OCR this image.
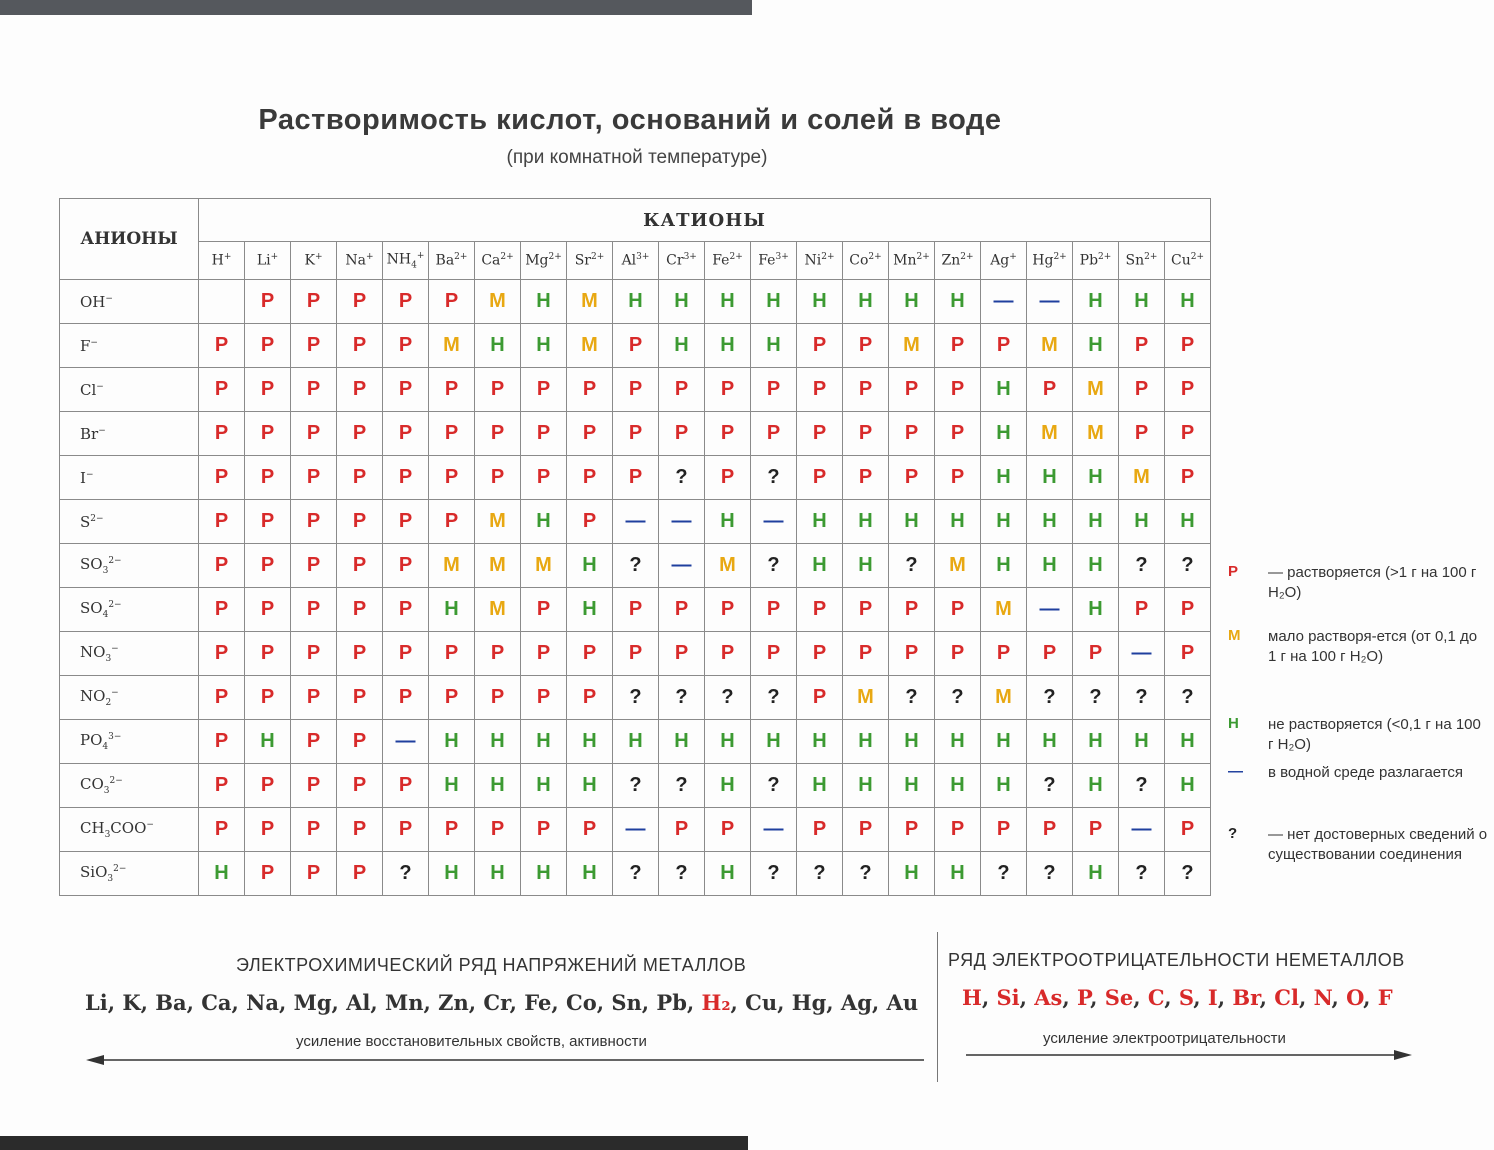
Растворимость кислот, оснований и солей в воде
(при комнатной температуре)
АНИОНЫ	КАТИОНЫ																					
	H+	Li+	K+	Na+	$NH_4^+$	$Ba^{2+}$	$Ca^{2+}$	$Mg^{2+}$	$Sr^{2+}$	$Al^{3+}$	$Cr^{3+}$	$Fe^{2+}$	$Fe^{3+}$	$Ni^{2+}$	$Co^{2+}$	$Mn^{2+}$	$Zn^{2+}$	Ag+	$Hg^{2+}$	$Pb^{2+}$	$Sn^{2+}$	$Cu^{2+}$
OH−		Р	Р	Р	Р	Р	М	Н	М	Н	Н	Н	Н	Н	Н	Н	Н	—	—	Н	Н	Н
F−	Р	Р	Р	Р	Р	М	Н	Н	М	Р	Н	Н	Н	Р	Р	М	Р	Р	М	Н	Р	Р
Cl−	Р	Р	Р	Р	Р	Р	Р	Р	Р	Р	Р	Р	Р	Р	Р	Р	Р	Н	Р	М	Р	Р
Br−	Р	Р	Р	Р	Р	Р	Р	Р	Р	Р	Р	Р	Р	Р	Р	Р	Р	Н	М	М	Р	Р
I−	Р	Р	Р	Р	Р	Р	Р	Р	Р	Р	?	Р	?	Р	Р	Р	Р	Н	Н	Н	М	Р
$S^{2-}$	Р	Р	Р	Р	Р	Р	М	Н	Р	—	—	Н	—	Н	Н	Н	Н	Н	Н	Н	Н	Н
$SO_3^{2-}$	Р	Р	Р	Р	Р	М	М	М	Н	?	—	М	?	Н	Н	?	М	Н	Н	Н	?	?
$SO_4^{2-}$	Р	Р	Р	Р	Р	Н	М	Р	Н	Р	Р	Р	Р	Р	Р	Р	Р	М	—	Н	Р	Р
$NO_3^-$	Р	Р	Р	Р	Р	Р	Р	Р	Р	Р	Р	Р	Р	Р	Р	Р	Р	Р	Р	Р	—	Р
$NO_2^-$	Р	Р	Р	Р	Р	Р	Р	Р	Р	?	?	?	?	Р	М	?	?	М	?	?	?	?
$PO_4^{3-}$	Р	Н	Р	Р	—	Н	Н	Н	Н	Н	Н	Н	Н	Н	Н	Н	Н	Н	Н	Н	Н	Н
$CO_3^{2-}$	Р	Р	Р	Р	Р	Н	Н	Н	Н	?	?	Н	?	Н	Н	Н	Н	Н	?	Н	?	Н
$CH_3COO^-$	Р	Р	Р	Р	Р	Р	Р	Р	Р	—	Р	Р	—	Р	Р	Р	Р	Р	Р	Р	—	Р
SiO$_3^{2-}$	Н	Р	Р	Р	?	Н	Н	Н	Н	?	?	Н	?	?	?	Н	Н	?	?	Н	?	?
Р — растворяется (>1 г на 100 г H₂O)
М мало растворя-ется (от 0,1 до 1 г на 100 г H₂O)
Н не растворяется (<0,1 г на 100 г H₂O)
— в водной среде разлагается
? — нет достоверных сведений о существовании соединения
ЭЛЕКТРОХИМИЧЕСКИЙ РЯД НАПРЯЖЕНИЙ МЕТАЛЛОВ
Li, K, Ba, Ca, Na, Mg, Al, Mn, Zn, Cr, Fe, Co, Sn, Pb, H₂, Cu, Hg, Ag, Au
усиление восстановительных свойств, активности
РЯД ЭЛЕКТРООТРИЦАТЕЛЬНОСТИ НЕМЕТАЛЛОВ
H, Si, As, P, Se, C, S, I, Br, Cl, N, O, F
усиление электроотрицательности
